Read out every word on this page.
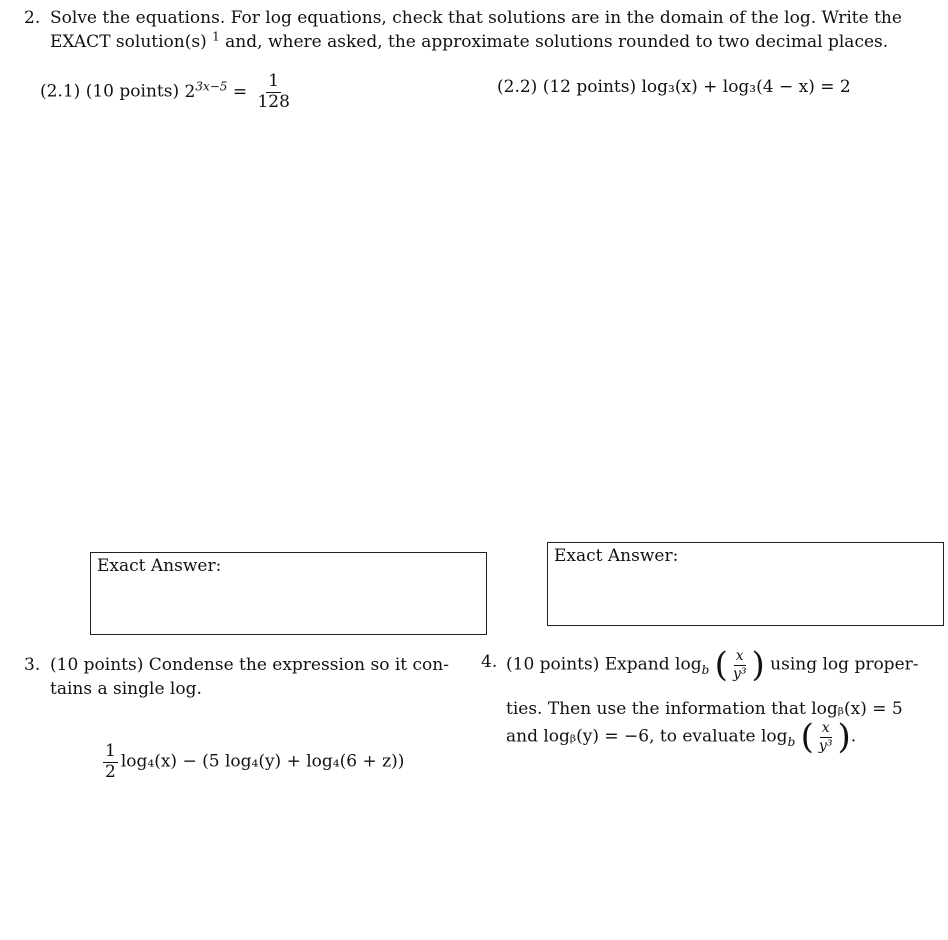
2. Solve the equations. For log equations, check that solutions are in the domain of the log. Write the
EXACT solution(s) $^1$ and, where asked, the approximate solutions rounded to two decimal places.
(2.1) (10 points) $2^{3x-5} = \frac{1}{128}$	(2.2) (12 points) log₃(x) + log₃(4 − x) = 2
Exact Answer:	Exact Answer:
3. (10 points) Condense the expression so it con-
tains a single log.
$\frac{1}{2} \log_4(x) - (5$ log₄(y) + log₄(6 + z))
4. (10 points) Expand $\log_b$ ( $\frac{x}{\text{y³}}$ ) using log proper-
ties. Then use the information that logᵦ(x) = 5
and logᵦ(y) = −6, to evaluate $\log_b$ ( $\frac{x}{\text{y³}}$ ).
